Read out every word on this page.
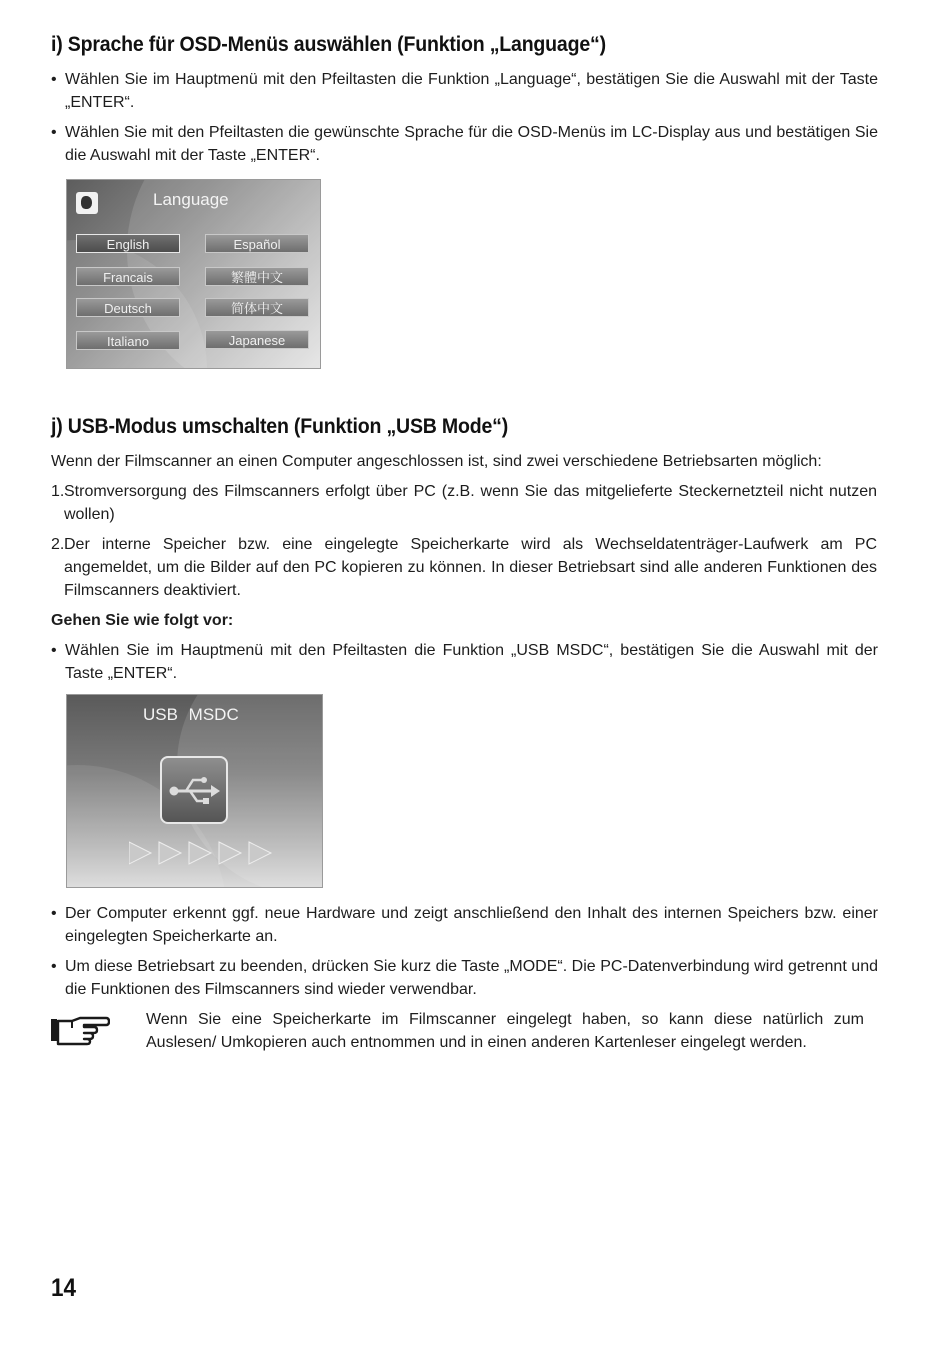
i) Sprache für OSD-Menüs auswählen (Funktion „Language“)

• Wählen Sie im Hauptmenü mit den Pfeiltasten die Funktion „Language“, bestätigen Sie die Auswahl mit der Taste „ENTER“.

• Wählen Sie mit den Pfeiltasten die gewünschte Sprache für die OSD-Menüs im LC-Display aus und bestätigen Sie die Auswahl mit der Taste „ENTER“.

Language
English	Español
Francais	繁體中文
Deutsch	简体中文
Italiano	Japanese
j) USB-Modus umschalten (Funktion „USB Mode“)

Wenn der Filmscanner an einen Computer angeschlossen ist, sind zwei verschiedene Betriebsarten möglich:

1. Stromversorgung des Filmscanners erfolgt über PC (z.B. wenn Sie das mitgelieferte Steckernetzteil nicht nutzen wollen)

2. Der interne Speicher bzw. eine eingelegte Speicherkarte wird als Wechseldatenträger-Laufwerk am PC angemeldet, um die Bilder auf den PC kopieren zu können. In dieser Betriebsart sind alle anderen Funktionen des Filmscanners deaktiviert.

Gehen Sie wie folgt vor:

• Wählen Sie im Hauptmenü mit den Pfeiltasten die Funktion „USB MSDC“, bestätigen Sie die Auswahl mit der Taste „ENTER“.

USB MSDC

• Der Computer erkennt ggf. neue Hardware und zeigt anschließend den Inhalt des internen Speichers bzw. einer eingelegten Speicherkarte an.

• Um diese Betriebsart zu beenden, drücken Sie kurz die Taste „MODE“. Die PC-Datenverbindung wird getrennt und die Funktionen des Filmscanners sind wieder verwendbar.

Wenn Sie eine Speicherkarte im Filmscanner eingelegt haben, so kann diese natürlich zum Auslesen/ Umkopieren auch entnommen und in einen anderen Kartenleser eingelegt werden.

14
